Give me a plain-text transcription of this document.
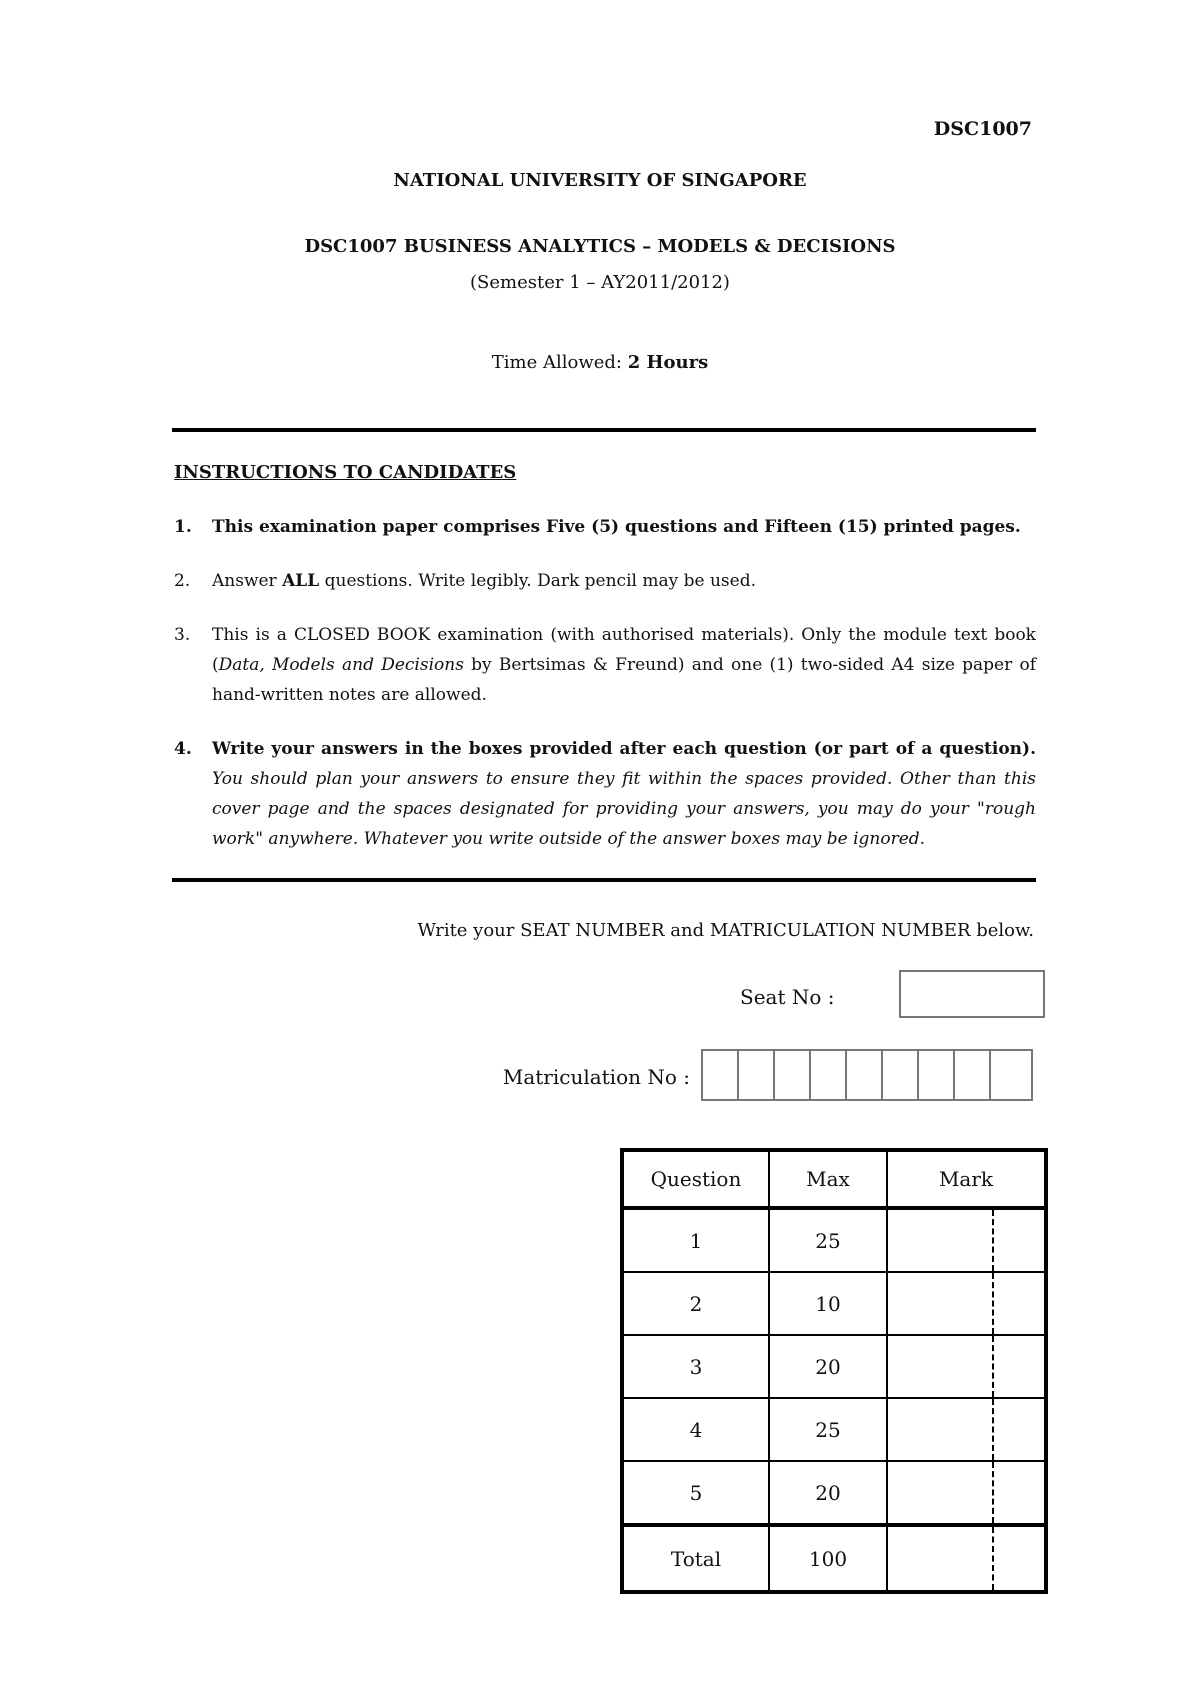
DSC1007
NATIONAL UNIVERSITY OF SINGAPORE
DSC1007 BUSINESS ANALYTICS – MODELS & DECISIONS
(Semester 1 – AY2011/2012)
Time Allowed: 2 Hours
INSTRUCTIONS TO CANDIDATES
1.	This examination paper comprises Five (5) questions and Fifteen (15) printed pages.
2.	Answer ALL questions. Write legibly. Dark pencil may be used.
3.	This is a CLOSED BOOK examination (with authorised materials). Only the module text book (Data, Models and Decisions by Bertsimas & Freund) and one (1) two-sided A4 size paper of hand-written notes are allowed.
4.	Write your answers in the boxes provided after each question (or part of a question). You should plan your answers to ensure they fit within the spaces provided. Other than this cover page and the spaces designated for providing your answers, you may do your "rough work" anywhere. Whatever you write outside of the answer boxes may be ignored.
Write your SEAT NUMBER and MATRICULATION NUMBER below.
Seat No :
Matriculation No :
Question	Max	Mark
1	25	

2	10	

3	20	

4	25	

5	20	

Total	100	
